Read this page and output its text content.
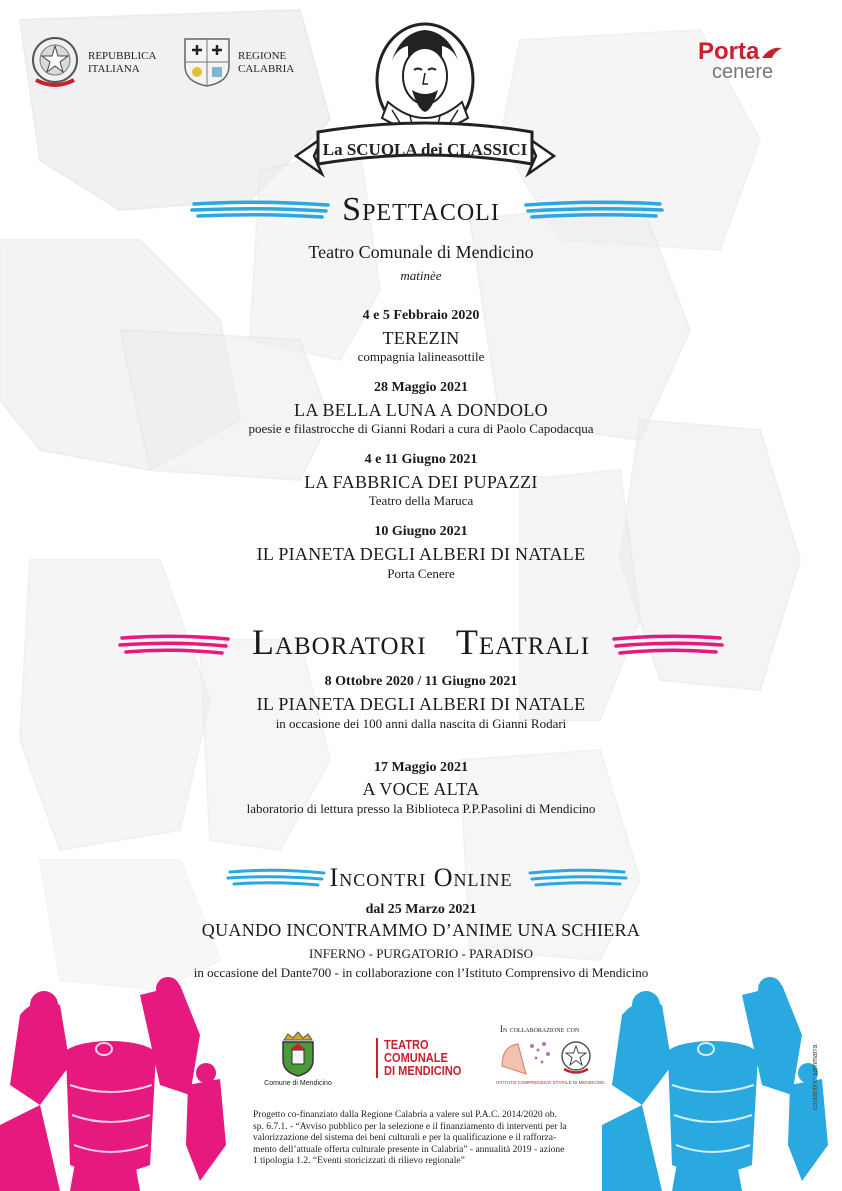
REPUBBLICA
ITALIANA
REGIONE
CALABRIA
La SCUOLA dei CLASSICI
Porta
cenere
Spettacoli
Teatro Comunale di Mendicino
matinèe
4 e 5 Febbraio 2020
TEREZIN
compagnia lalineasottile
28 Maggio 2021
LA BELLA LUNA A DONDOLO
poesie e filastrocche di Gianni Rodari a cura di Paolo Capodacqua
4 e 11 Giugno 2021
LA FABBRICA DEI PUPAZZI
Teatro della Maruca
10 Giugno 2021
IL PIANETA DEGLI ALBERI DI NATALE
Porta Cenere
Laboratori   Teatrali
8 Ottobre 2020 / 11 Giugno 2021
IL PIANETA DEGLI ALBERI DI NATALE
in occasione dei 100 anni dalla nascita di Gianni Rodari
17 Maggio 2021
A VOCE ALTA
laboratorio di lettura presso la Biblioteca P.P.Pasolini di Mendicino
Incontri Online
dal 25 Marzo 2021
QUANDO INCONTRAMMO D’ANIME UNA SCHIERA
INFERNO - PURGATORIO - PARADISO
in occasione del Dante700 - in collaborazione con l’Istituto Comprensivo di Mendicino
costantino sammarra
Comune di Mendicino
TEATRO
COMUNALE
DI MENDICINO
In collaborazione con
ISTITUTO COMPRENSIVO STATALE DI MENDICINO
Progetto co-finanziato dalla Regione Calabria a valere sul P.A.C. 2014/2020 ob.
sp. 6.7.1. - “Avviso pubblico per la selezione e il finanziamento di interventi per la
valorizzazione del sistema dei beni culturali e per la qualificazione e il rafforza-
mento dell’attuale offerta culturale presente in Calabria” - annualità 2019 - azione
1 tipologia 1.2. “Eventi storicizzati di rilievo regionale”
